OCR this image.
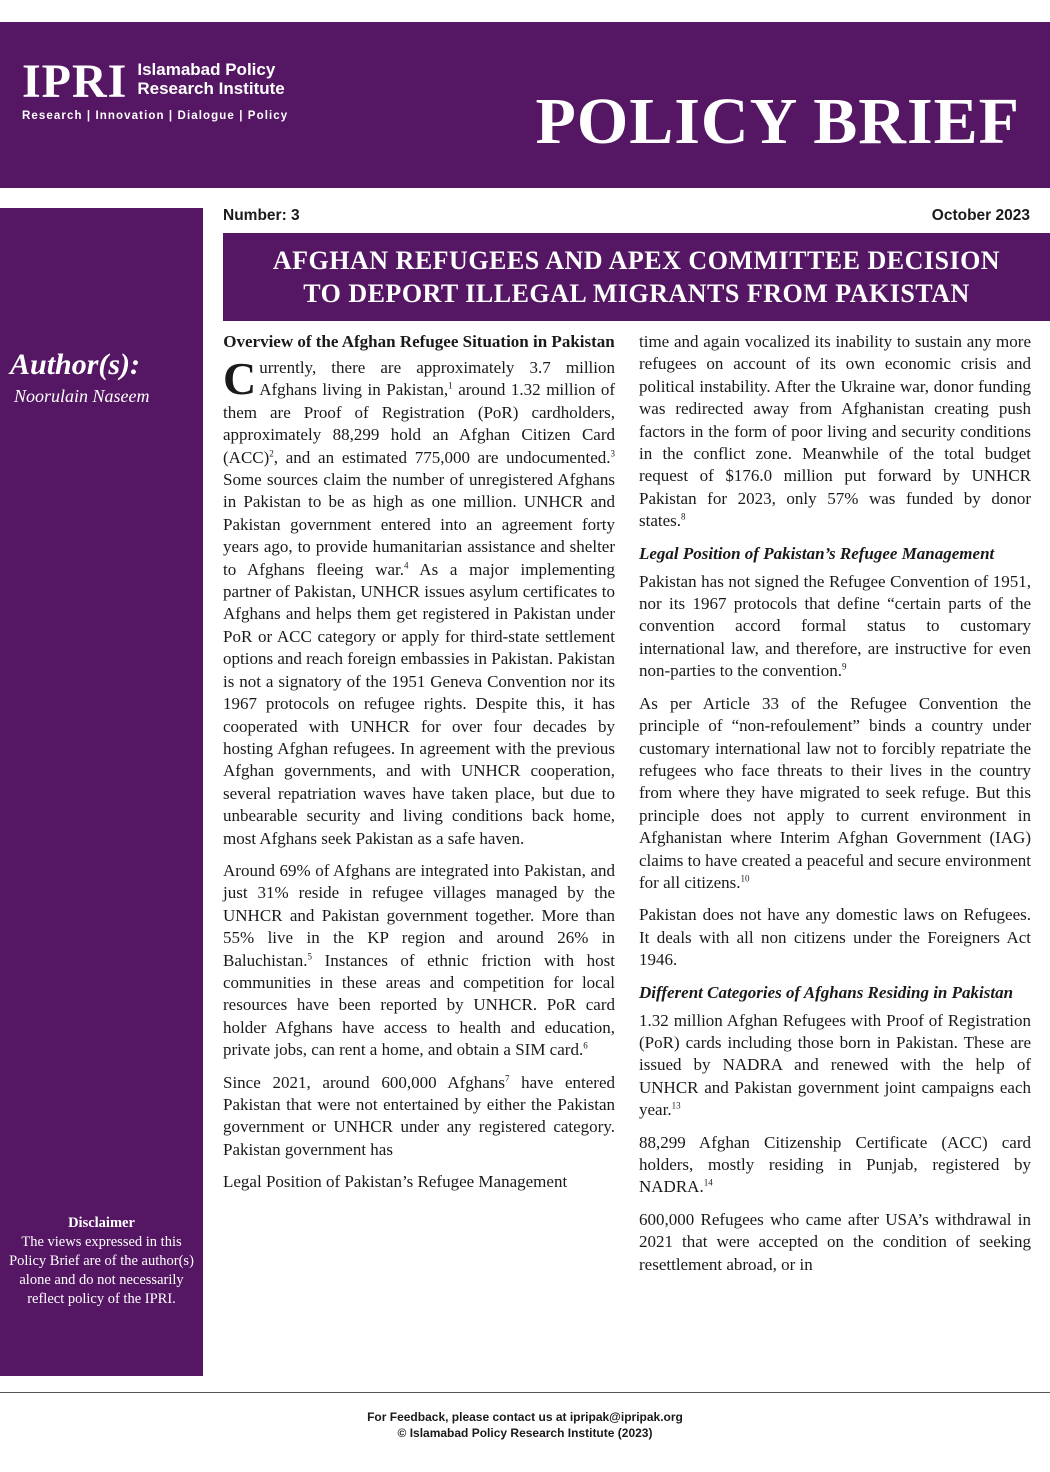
IPRI Islamabad Policy
Research Institute
Research | Innovation | Dialogue | Policy	POLICY BRIEF
Author(s):
Noorulain Naseem
Disclaimer
The views expressed in this Policy Brief are of the author(s) alone and do not necessarily reflect policy of the IPRI.
Number: 3	October 2023
AFGHAN REFUGEES AND APEX COMMITTEE DECISION
TO DEPORT ILLEGAL MIGRANTS FROM PAKISTAN
Overview of the Afghan Refugee Situation in Pakistan

Currently, there are approximately 3.7 million Afghans living in Pakistan,$^1$ around 1.32 million of them are Proof of Registration (PoR) cardholders, approximately 88,299 hold an Afghan Citizen Card (ACC)$^2$, and an estimated 775,000 are undocumented.$^3$ Some sources claim the number of unregistered Afghans in Pakistan to be as high as one million. UNHCR and Pakistan government entered into an agreement forty years ago, to provide humanitarian assistance and shelter to Afghans fleeing war.$^4$ As a major implementing partner of Pakistan, UNHCR issues asylum certificates to Afghans and helps them get registered in Pakistan under PoR or ACC category or apply for third-state settlement options and reach foreign embassies in Pakistan. Pakistan is not a signatory of the 1951 Geneva Convention nor its 1967 protocols on refugee rights. Despite this, it has cooperated with UNHCR for over four decades by hosting Afghan refugees. In agreement with the previous Afghan governments, and with UNHCR cooperation, several repatriation waves have taken place, but due to unbearable security and living conditions back home, most Afghans seek Pakistan as a safe haven.

Around 69% of Afghans are integrated into Pakistan, and just 31% reside in refugee villages managed by the UNHCR and Pakistan government together. More than 55% live in the KP region and around 26% in Baluchistan.$^5$ Instances of ethnic friction with host communities in these areas and competition for local resources have been reported by UNHCR. PoR card holder Afghans have access to health and education, private jobs, can rent a home, and obtain a SIM card.$^6$

Since 2021, around 600,000 Afghans$^7$ have entered Pakistan that were not entertained by either the Pakistan government or UNHCR under any registered category. Pakistan government has

Legal Position of Pakistan’s Refugee Management

time and again vocalized its inability to sustain any more refugees on account of its own economic crisis and political instability. After the Ukraine war, donor funding was redirected away from Afghanistan creating push factors in the form of poor living and security conditions in the conflict zone. Meanwhile of the total budget request of $176.0 million put forward by UNHCR Pakistan for 2023, only 57% was funded by donor states.$^8$

Legal Position of Pakistan’s Refugee Management

Pakistan has not signed the Refugee Convention of 1951, nor its 1967 protocols that define “certain parts of the convention accord formal status to customary international law, and therefore, are instructive for even non-parties to the convention.$^9$

As per Article 33 of the Refugee Convention the principle of “non-refoulement” binds a country under customary international law not to forcibly repatriate the refugees who face threats to their lives in the country from where they have migrated to seek refuge. But this principle does not apply to current environment in Afghanistan where Interim Afghan Government (IAG) claims to have created a peaceful and secure environment for all citizens.$^{10}$

Pakistan does not have any domestic laws on Refugees. It deals with all non citizens under the Foreigners Act 1946.

Different Categories of Afghans Residing in Pakistan

1.32 million Afghan Refugees with Proof of Registration (PoR) cards including those born in Pakistan. These are issued by NADRA and renewed with the help of UNHCR and Pakistan government joint campaigns each year.$^{13}$

88,299 Afghan Citizenship Certificate (ACC) card holders, mostly residing in Punjab, registered by NADRA.$^{14}$

600,000 Refugees who came after USA’s withdrawal in 2021 that were accepted on the condition of seeking resettlement abroad, or in

For Feedback, please contact us at ipripak@ipripak.org
© Islamabad Policy Research Institute (2023)
